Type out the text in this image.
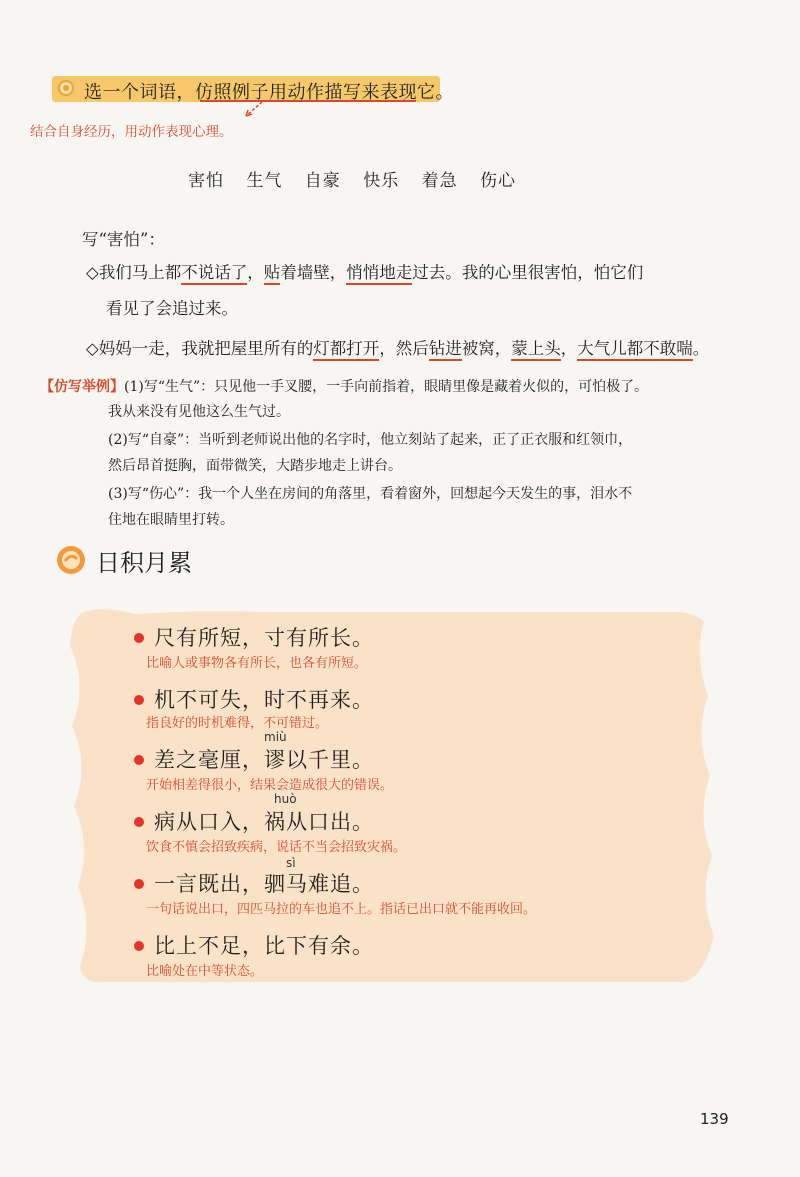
选一个词语，仿照例子用动作描写来表现它。
结合自身经历，用动作表现心理。
害怕 生气 自豪 快乐 着急 伤心
写“害怕”：
◇我们马上都不说话了，贴着墙壁，悄悄地走过去。我的心里很害怕，怕它们
看见了会追过来。
◇妈妈一走，我就把屋里所有的灯都打开，然后钻进被窝，蒙上头，大气儿都不敢喘。
【仿写举例】(1)写“生气”：只见他一手叉腰，一手向前指着，眼睛里像是藏着火似的，可怕极了。
我从来没有见他这么生气过。
(2)写“自豪”：当听到老师说出他的名字时，他立刻站了起来，正了正衣服和红领巾，
然后昂首挺胸，面带微笑，大踏步地走上讲台。
(3)写“伤心”：我一个人坐在房间的角落里，看着窗外，回想起今天发生的事，泪水不
住地在眼睛里打转。
日积月累
尺有所短，寸有所长。
比喻人或事物各有所长，也各有所短。
机不可失，时不再来。
指良好的时机难得，不可错过。
miù
差之毫厘，谬以千里。
开始相差得很小，结果会造成很大的错误。
huò
病从口入，祸从口出。
饮食不慎会招致疾病，说话不当会招致灾祸。
sì
一言既出，驷马难追。
一句话说出口，四匹马拉的车也追不上。指话已出口就不能再收回。
比上不足，比下有余。
比喻处在中等状态。
139
